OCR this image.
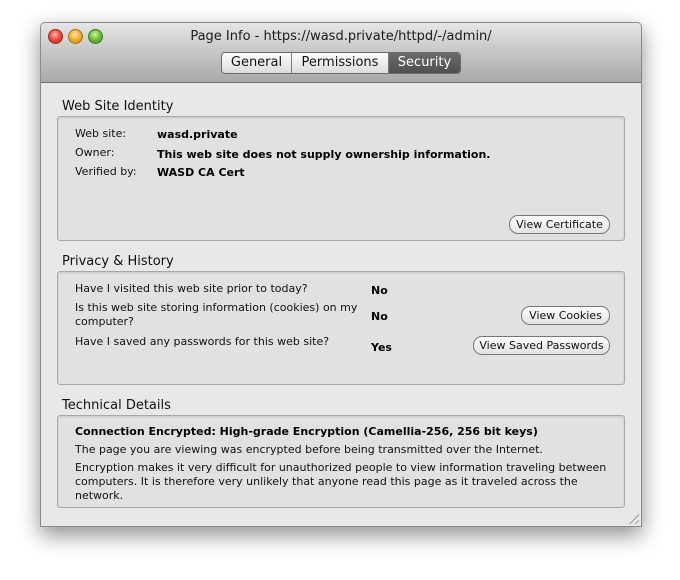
Page Info - https://wasd.private/httpd/-/admin/
General	Permissions	Security
Web Site Identity
Web site:	wasd.private
Owner:	This web site does not supply ownership information.
Verified by: WASD CA Cert
View Certificate
Privacy & History
Have I visited this web site prior to today?	No
Is this web site storing information (cookies) on my computer?	No	View Cookies
Have I saved any passwords for this web site?	Yes	View Saved Passwords
Technical Details
Connection Encrypted: High-grade Encryption (Camellia-256, 256 bit keys)
The page you are viewing was encrypted before being transmitted over the Internet.
Encryption makes it very difficult for unauthorized people to view information traveling between computers. It is therefore very unlikely that anyone read this page as it traveled across the network.
